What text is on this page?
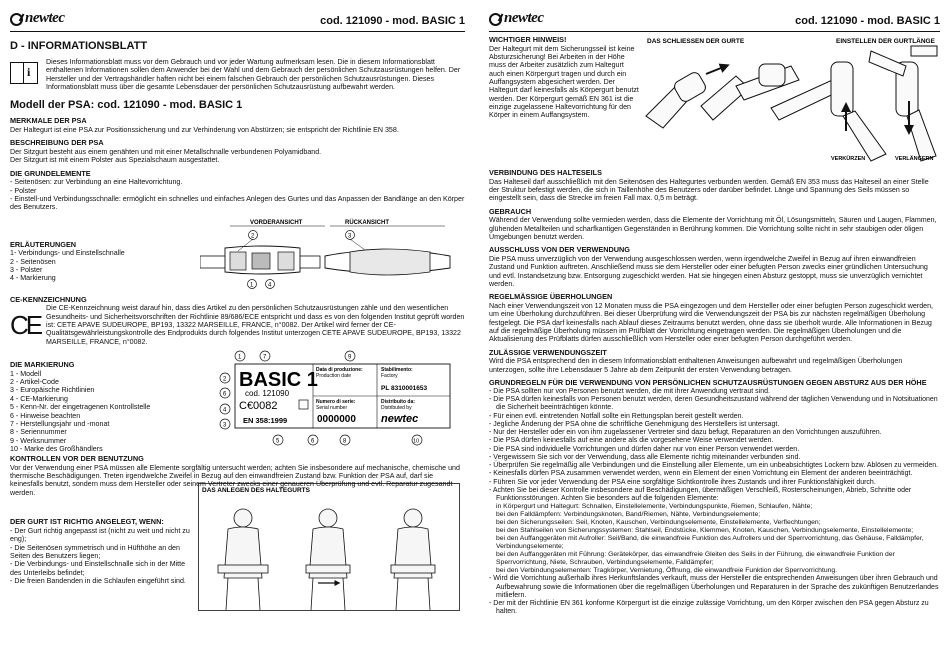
newtec	cod. 121090 - mod. BASIC 1
D - INFORMATIONSBLATT
i

Dieses Informationsblatt muss vor dem Gebrauch und vor jeder Wartung aufmerksam lesen. Die in diesem Informationsblatt enthaltenen Informationen sollen dem Anwender bei der Wahl und dem Gebrauch der persönlichen Schutzausrüstungen helfen. Der Hersteller und der Vertragshändler haften nicht bei einem falschen Gebrauch der persönlichen Schutzausrüstungen. Dieses Informationsblatt muss über die gesamte Lebensdauer der persönlichen Schutzausrüstung aufbewahrt werden.

Modell der PSA: cod. 121090 - mod. BASIC 1
MERKMALE DER PSA

Der Haltegurt ist eine PSA zur Positionssicherung und zur Verhinderung von Abstürzen; sie entspricht der Richtlinie EN 358.

BESCHREIBUNG DER PSA

Der Sitzgurt besteht aus einem genähten und mit einer Metallschnalle verbundenen Polyamidband.

Der Sitzgurt ist mit einem Polster aus Spezialschaum ausgestattet.

DIE GRUNDELEMENTE

- Seitenösen: zur Verbindung an eine Haltevorrichtung.

- Polster

- Einstell-und Verbindungsschnalle: ermöglicht ein schnelles und einfaches Anlegen des Gurtes und das Anpassen der Bandlänge an den Körper des Benutzers.

ERLÄUTERUNGEN

1- Verbindungs- und Einstellschnalle

2 - Seitenösen

3 - Polster

4 - Markierung

VORDERANSICHT	RÜCKANSICHT
2	3
1 4
CE-KENNZEICHNUNG
CE

Die CE-Kennzeichnung weist darauf hin, dass dies Artikel zu den persönlichen Schutzausrüstungen zähle und den wesentlichen Gesundheits- und Sicherheitsvorschriften der Richtlinie 89/686/ECE entspricht und dass es von den folgenden Institut geprüft worden ist: CETE APAVE SUDEUROPE, BP193, 13322 MARSEILLE, FRANCE, n°0082. Der Artikel wird ferner der CE-Qualitätsgewährleistungskontrolle des Endprodukts durch folgendes Institut unterzogen CETE APAVE SUDEUROPE, BP193, 13322 MARSEILLE, FRANCE, n°0082.

DIE MARKIERUNG

1 - Modell

2 - Artikel-Code

3 - Europäische Richtlinien

4 - CE-Markierung

5 - Kenn-Nr. der eingetragenen Kontrollstelle

6 - Hinweise beachten

7 - Herstellungsjahr und -monat

8 - Seriennummer

9 - Werksnummer

10 - Marke des Großhändlers

1	7	9
BASIC 1
cod. 121090
C€0082
EN 358:1999
Data di produzione:
Production date
Stabilimento:
Factory
PL 8310001653
Numero di serie:
Serial number
0000000
Distribuito da:
Distributed by
newtec
2
6
4
3
5	6	8	10
KONTROLLEN VOR DER BENUTZUNG

Vor der Verwendung einer PSA müssen alle Elemente sorgfältig untersucht werden; achten Sie insbesondere auf mechanische, chemische und thermische Beschädigungen. Treten irgendwelche Zweifel in Bezug auf den einwandfreien Zustand bzw. Funktion der PSA auf, darf sie keinesfalls benutzt, sondern muss dem Hersteller oder seinem Vertreter zwecks einer genaueren Überprüfung und evtl. Reparatur zugesandt werden.

DER GURT IST RICHTIG ANGELEGT, WENN:

- Der Gurt richtig angepasst ist (nicht zu weit und nicht zu eng);

- Die Seitenösen symmetrisch und in Hüfthöhe an den Seiten des Benutzers liegen;

- Die Verbindungs- und Einstellschnalle sich in der Mitte des Unterleibs befindet;

- Die freien Bandenden in die Schlaufen eingeführt sind.

DAS ANLEGEN DES HALTEGURTS
newtec	cod. 121090 - mod. BASIC 1
WICHTIGER HINWEIS!

Der Haltegurt mit dem Sicherungsseil ist keine Absturzsicherung! Bei Arbeiten in der Höhe muss der Arbeiter zusätzlich zum Haltegurt auch einen Körpergurt tragen und durch ein Auffangsystem abgesichert werden. Der Haltegurt darf keinesfalls als Körpergurt benutzt werden. Der Körpergurt gemäß EN 361 ist die einzige zugelassene Haltevorrichtung für den Körper in einem Auffangsystem.

DAS SCHLIESSEN DER GURTE	EINSTELLEN DER GURTLÄNGE
VERKÜRZEN	VERLÄNGERN
VERBINDUNG DES HALTESEILS

Das Halteseil darf ausschließlich mit den Seitenösen des Haltegurtes verbunden werden. Gemäß EN 353 muss das Halteseil an einer Stelle der Struktur befestigt werden, die sich in Taillenhöhe des Benutzers oder darüber befindet. Länge und Spannung des Seils müssen so eingestellt sein, dass die Strecke im freien Fall max. 0,5 m beträgt.

GEBRAUCH

Während der Verwendung sollte vermieden werden, dass die Elemente der Vorrichtung mit Öl, Lösungsmitteln, Säuren und Laugen, Flammen, glühenden Metallteilen und scharfkantigen Gegenständen in Berührung kommen. Die Vorrichtung sollte nicht in sehr staubigen oder öligen Umgebungen benutzt werden.

AUSSCHLUSS VON DER VERWENDUNG

Die PSA muss unverzüglich von der Verwendung ausgeschlossen werden, wenn irgendwelche Zweifel in Bezug auf ihren einwandfreien Zustand und Funktion auftreten. Anschließend muss sie dem Hersteller oder einer befugten Person zwecks einer gründlichen Untersuchung und evtl. Instandsetzung bzw. Entsorgung zugeschickt werden. Hat sie hingegen einen Absturz gestoppt, muss sie unverzüglich vernichtet werden.

REGELMÄSSIGE ÜBERHOLUNGEN

Nach einer Verwendungszeit von 12 Monaten muss die PSA eingezogen und dem Hersteller oder einer befugten Person zugeschickt werden, um eine Überholung durchzuführen. Bei dieser Überprüfung wird die Verwendungszeit der PSA bis zur nächsten regelmäßigen Überholung festgelegt. Die PSA darf keinesfalls nach Ablauf dieses Zeitraums benutzt werden, ohne dass sie überholt wurde. Alle Informationen in Bezug auf die regelmäßige Überholung müssen im Prüfblatt der Vorrichtung eingetragen werden. Die regelmäßigen Überholungen und die Aktualisierung des Prüfblatts dürfen ausschließlich vom Hersteller oder einer befugten Person durchgeführt werden.

ZULÄSSIGE VERWENDUNGSZEIT

Wird die PSA entsprechend den in diesem Informationsblatt enthaltenen Anweisungen aufbewahrt und regelmäßigen Überholungen unterzogen, sollte ihre Lebensdauer 5 Jahre ab dem Zeitpunkt der ersten Verwendung betragen.

GRUNDREGELN FÜR DIE VERWENDUNG VON PERSÖNLICHEN SCHUTZAUSRÜSTUNGEN GEGEN ABSTURZ AUS DER HÖHE
- Die PSA sollten nur von Personen benutzt werden, die mit ihrer Anwendung vertraut sind.
- Die PSA dürfen keinesfalls von Personen benutzt werden, deren Gesundheitszustand während der täglichen Verwendung und in Notsituationen die Sicherheit beeinträchtigen könnte.
- Für einen evtl. eintretenden Notfall sollte ein Rettungsplan bereit gestellt werden.
- Jegliche Änderung der PSA ohne die schriftliche Genehmigung des Herstellers ist untersagt.
- Nur der Hersteller oder ein von ihm zugelassener Vertreter sind dazu befugt, Reparaturen an den Vorrichtungen auszuführen.
- Die PSA dürfen keinesfalls auf eine andere als die vorgesehene Weise verwendet werden.
- Die PSA sind individuelle Vorrichtungen und dürfen daher nur von einer Person verwendet werden.
- Vergewissern Sie sich vor der Verwendung, dass alle Elemente richtig miteinander verbunden sind.
- Überprüfen Sie regelmäßig alle Verbindungen und die Einstellung aller Elemente, um ein unbeabsichtigtes Lockern bzw. Ablösen zu vermeiden.
- Keinesfalls dürfen PSA zusammen verwendet werden, wenn ein Element der einen Vorrichtung ein Element der anderen beeinträchtigt.
- Führen Sie vor jeder Verwendung der PSA eine sorgfältige Sichtkontrolle ihres Zustands und ihrer Funktionsfähigkeit durch.
- Achten Sie bei dieser Kontrolle insbesondere auf Beschädigungen, übermäßigen Verschleiß, Rosterscheinungen, Abrieb, Schnitte oder Funktionsstörungen. Achten Sie besonders auf die folgenden Elemente:
in Körpergurt und Haltegurt: Schnallen, Einstellelemente, Verbindungspunkte, Riemen, Schlaufen, Nähte;
bei den Falldämpfern: Verbindungsknoten, Band/Riemen, Nähte, Verbindungselemente;
bei den Sicherungsseilen: Seil, Knoten, Kauschen, Verbindungselemente, Einstellelemente, Verflechtungen;
bei den Stahlseilen von Sicherungssystemen: Stahlseil, Endstücke, Klemmen, Knoten, Kauschen, Verbindungselemente, Einstellelemente;
bei den Auffanggeräten mit Aufroller: Seil/Band, die einwandfreie Funktion des Aufrollers und der Sperrvorrichtung, das Gehäuse, Falldämpfer, Verbindungselemente;
bei den Auffanggeräten mit Führung: Gerätekörper, das einwandfreie Gleiten des Seils in der Führung, die einwandfreie Funktion der Sperrvorrichtung, Niete, Schrauben, Verbindungselemente, Falldämpfer;
bei den Verbindungselementen: Tragkörper, Vernietung, Öffnung, die einwandfreie Funktion der Sperrvorrichtung.
- Wird die Vorrichtung außerhalb ihres Herkunftslandes verkauft, muss der Hersteller die entsprechenden Anweisungen über ihren Gebrauch und Aufbewahrung sowie die Informationen über die regelmäßigen Überholungen und Reparaturen in der Sprache des zukünftigen Benutzerlandes mitliefern.
- Der mit der Richtlinie EN 361 konforme Körpergurt ist die einzige zulässige Vorrichtung, um den Körper zwischen den PSA gegen Absturz zu halten.
